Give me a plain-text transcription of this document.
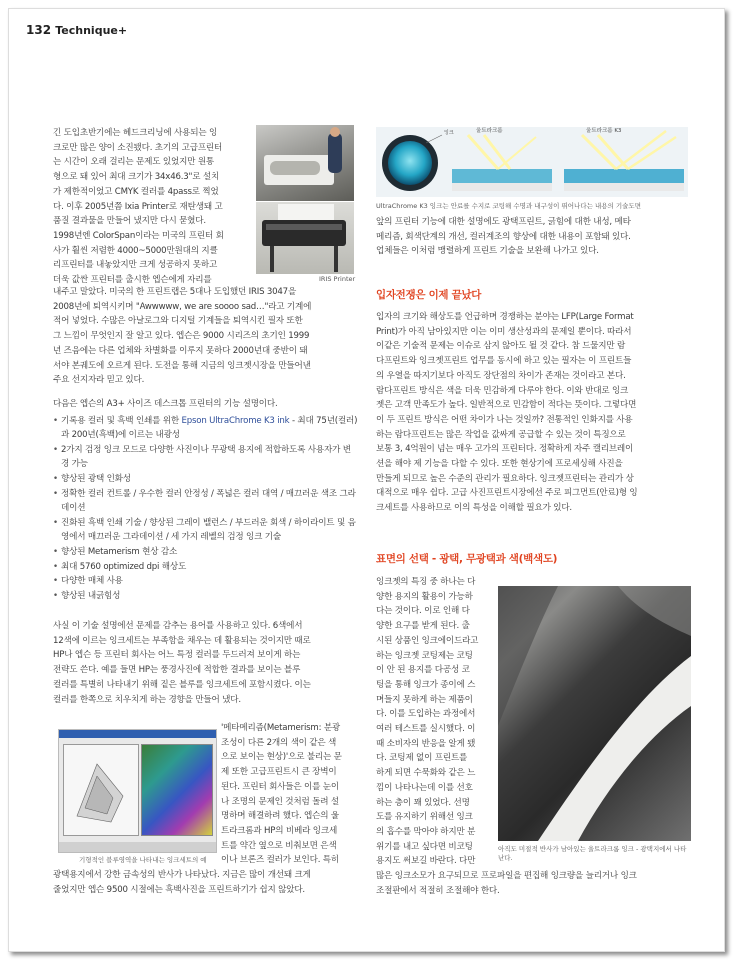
132 Technique+

긴 도입초반기에는 헤드크리닝에 사용되는 잉

크로만 많은 양이 소진됐다. 초기의 고급프린터

는 시간이 오래 걸리는 문제도 있었지만 원통

형으로 돼 있어 최대 크기가 34x46.3"로 설치

가 제한적이었고 CMYK 컬러를 4pass로 찍었

다. 이후 2005년쯤 Ixia Printer로 재탄생돼 고

품질 결과물을 만들어 냈지만 다시 묻혔다.

1998년엔 ColorSpan이라는 미국의 프린터 회

사가 훨씬 저렴한 4000~5000만원대의 지클

리프린터를 내놓았지만 크게 성공하지 못하고

더욱 값싼 프린터를 출시한 엡슨에게 자리를	IRIS Printer

내주고 말았다. 미국의 한 프린트랩은 5대나 도입했던 IRIS 3047을

2008년에 퇴역시키며 "Awwwww, we are soooo sad…"라고 기계에

적어 넣었다. 수많은 아날로그와 디지털 기계들을 퇴역시킨 필자 또한

그 느낌이 무엇인지 잘 알고 있다. 엡슨은 9000 시리즈의 초기인 1999

년 즈음에는 다른 업체와 차별화를 이루지 못하다 2000년대 중반이 돼

서야 본궤도에 오르게 된다. 도전을 통해 지금의 잉크젯시장을 만들어낸

주요 선지자라 믿고 있다.

다음은 엡슨의 A3+ 사이즈 데스크톱 프린터의 기능 설명이다.

• 기록용 컬러 및 흑백 인쇄를 위한 Epson UltraChrome K3 ink - 최대 75년(컬러)과 200년(흑백)에 이르는 내광성
• 2가지 검정 잉크 모드로 다양한 사진이나 무광택 용지에 적합하도록 사용자가 변경 가능
• 향상된 광택 인화성
• 정확한 컬러 컨트롤 / 우수한 컬러 안정성 / 폭넓은 컬러 대역 / 매끄러운 색조 그라데이션
• 진화된 흑백 인쇄 기술 / 향상된 그레이 밸런스 / 부드러운 회색 / 하이라이트 및 음영에서 매끄러운 그라데이션 / 세 가지 레벨의 검정 잉크 기술
• 향상된 Metamerism 현상 감소
• 최대 5760 optimized dpi 해상도
• 다양한 매체 사용
• 향상된 내긁힘성

사실 이 기술 설명에선 문제를 감추는 용어를 사용하고 있다. 6색에서

12색에 이르는 잉크세트는 부족함을 채우는 데 활용되는 것이지만 때로

HP나 엡슨 등 프린터 회사는 어느 특정 컬러를 두드러져 보이게 하는

전략도 쓴다. 예를 들면 HP는 풍경사진에 적합한 결과를 보이는 블루

컬러를 특별히 나타내기 위해 짙은 블루를 잉크세트에 포함시켰다. 이는

컬러를 한쪽으로 치우치게 하는 경향을 만들어 냈다.

기형적인 블루영역을 나타내는 잉크세트의 예

'메타메리즘(Metamerism: 분광

조성이 다른 2개의 색이 같은 색

으로 보이는 현상)'으로 불리는 문

제 또한 고급프린트시 큰 장벽이

된다. 프린터 회사들은 이를 눈이

나 조명의 문제인 것처럼 돌려 설

명하며 해결하려 했다. 엡슨의 울

트라크롬과 HP의 비베라 잉크세

트를 약간 옆으로 비춰보면 은색

이나 브론즈 컬러가 보인다. 특히

광택용지에서 강한 금속성의 반사가 나타났다. 지금은 많이 개선돼 크게

줄었지만 엡슨 9500 시절에는 흑백사진을 프린트하기가 쉽지 않았다.

잉크	울트라크롬	울트라크롬 K3
UltraChrome K3 잉크는 안료를 수지로 코팅해 수명과 내구성이 뛰어나다는 내용의 기술도면

앞의 프린터 기능에 대한 설명에도 광택프린트, 긁힘에 대한 내성, 메타

메리즘, 회색단계의 개선, 컬러계조의 향상에 대한 내용이 포함돼 있다.

업체들은 이처럼 맹렬하게 프린트 기술을 보완해 나가고 있다.

입자전쟁은 이제 끝났다

입자의 크기와 해상도를 언급하며 경쟁하는 분야는 LFP(Large Format

Print)가 아직 남아있지만 이는 이미 생산성과의 문제일 뿐이다. 따라서

이같은 기술적 문제는 이슈로 삼지 않아도 될 것 같다. 참 드물지만 람

다프린트와 잉크젯프린트 업무를 동시에 하고 있는 필자는 이 프린트들

의 우열을 따지기보다 아직도 장단점의 차이가 존재는 것이라고 본다.

람다프린트 방식은 색을 더욱 민감하게 다루야 한다. 이와 반대로 잉크

젯은 고객 만족도가 높다. 일반적으로 민감함이 적다는 뜻이다. 그렇다면

이 두 프린트 방식은 어떤 차이가 나는 것일까? 전통적인 인화지를 사용

하는 람다프린트는 많은 작업을 값싸게 공급할 수 있는 것이 특징으로

보통 3, 4억원이 넘는 매우 고가의 프린터다. 정확하게 자주 캘리브레이

션을 해야 제 기능을 다할 수 있다. 또한 현상기에 프로세싱해 사진을

만들게 되므로 높은 수준의 관리가 필요하다. 잉크젯프린터는 관리가 상

대적으로 매우 쉽다. 고급 사진프린트시장에선 주로 피그먼트(안료)형 잉

크세트를 사용하므로 이의 특성을 이해할 필요가 있다.

표면의 선택 - 광택, 무광택과 색(백색도)

잉크젯의 특징 중 하나는 다

양한 용지의 활용이 가능하

다는 것이다. 이로 인해 다

양한 요구를 받게 된다. 출

시된 상품인 잉크에이드라고

하는 잉크젯 코팅제는 코팅

이 안 된 용지를 다공성 코

팅을 통해 잉크가 종이에 스

며들지 못하게 하는 제품이

다. 이를 도입하는 과정에서

여러 테스트를 실시했다. 이

때 소비자의 반응을 알게 됐

다. 코팅제 없이 프린트를

하게 되면 수묵화와 같은 느

낌이 나타나는데 이를 선호

하는 층이 꽤 있었다. 선명

도를 유지하기 위해선 잉크

의 흡수를 막아야 하지만 분

위기를 내고 싶다면 비코팅

용지도 써보길 바란다. 다만

아직도 미절적 반사가 남아있는 울트라크롬 잉크 - 광택지에서 나타난다.

많은 잉크소모가 요구되므로 프로파일을 편집해 잉크량을 늘리거나 잉크

조절판에서 적절히 조절해야 한다.
